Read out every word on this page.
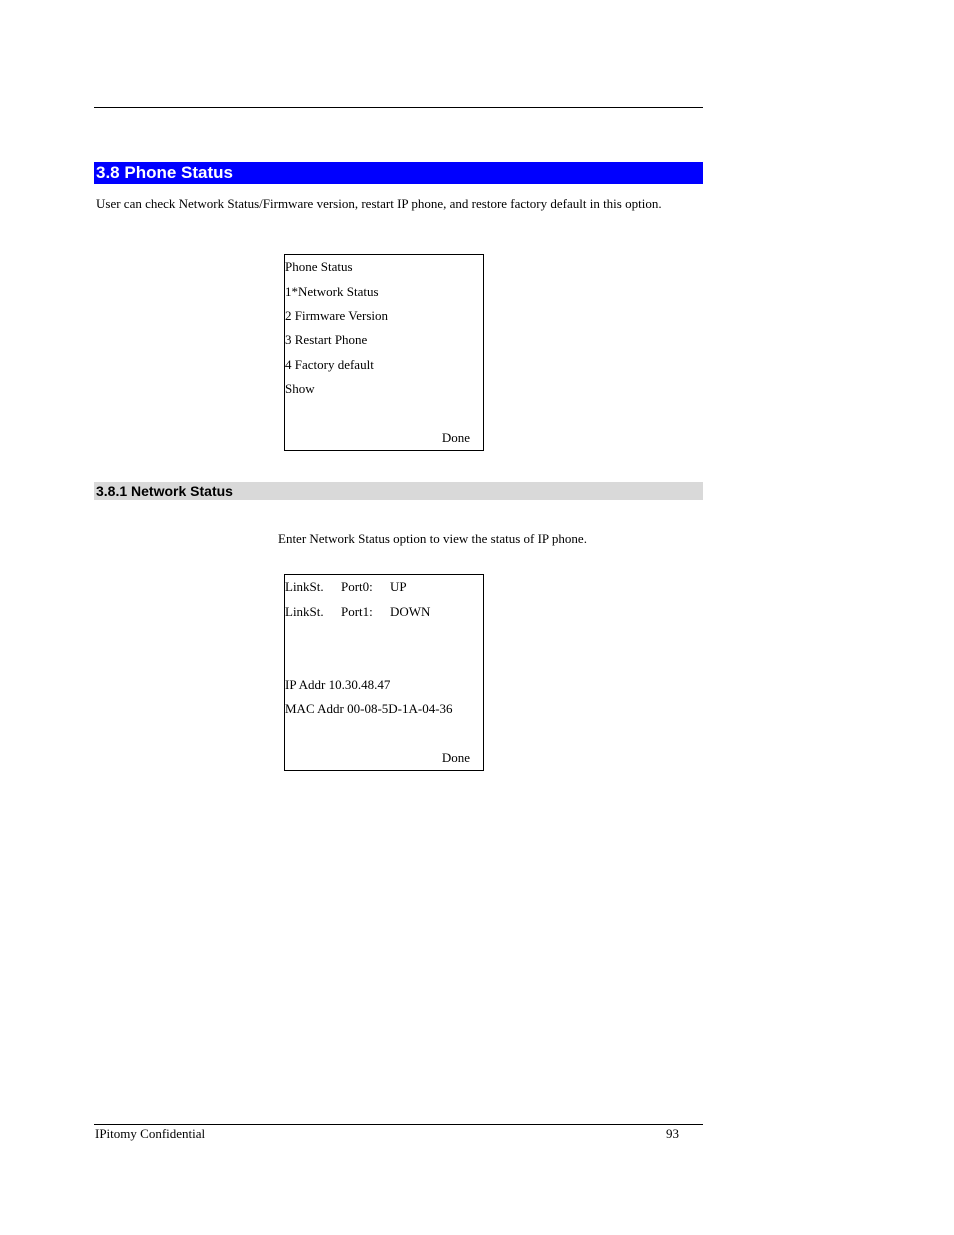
3.8 Phone Status
User can check Network Status/Firmware version, restart IP phone, and restore factory default in this option.
Phone Status
1*Network Status
2 Firmware Version
3 Restart Phone
4 Factory default
Show
Done
3.8.1 Network Status
Enter Network Status option to view the status of IP phone.
LinkSt. Port0: UP
LinkSt. Port1: DOWN
IP Addr 10.30.48.47
MAC Addr 00-08-5D-1A-04-36
Done
IPitomy Confidential	93
